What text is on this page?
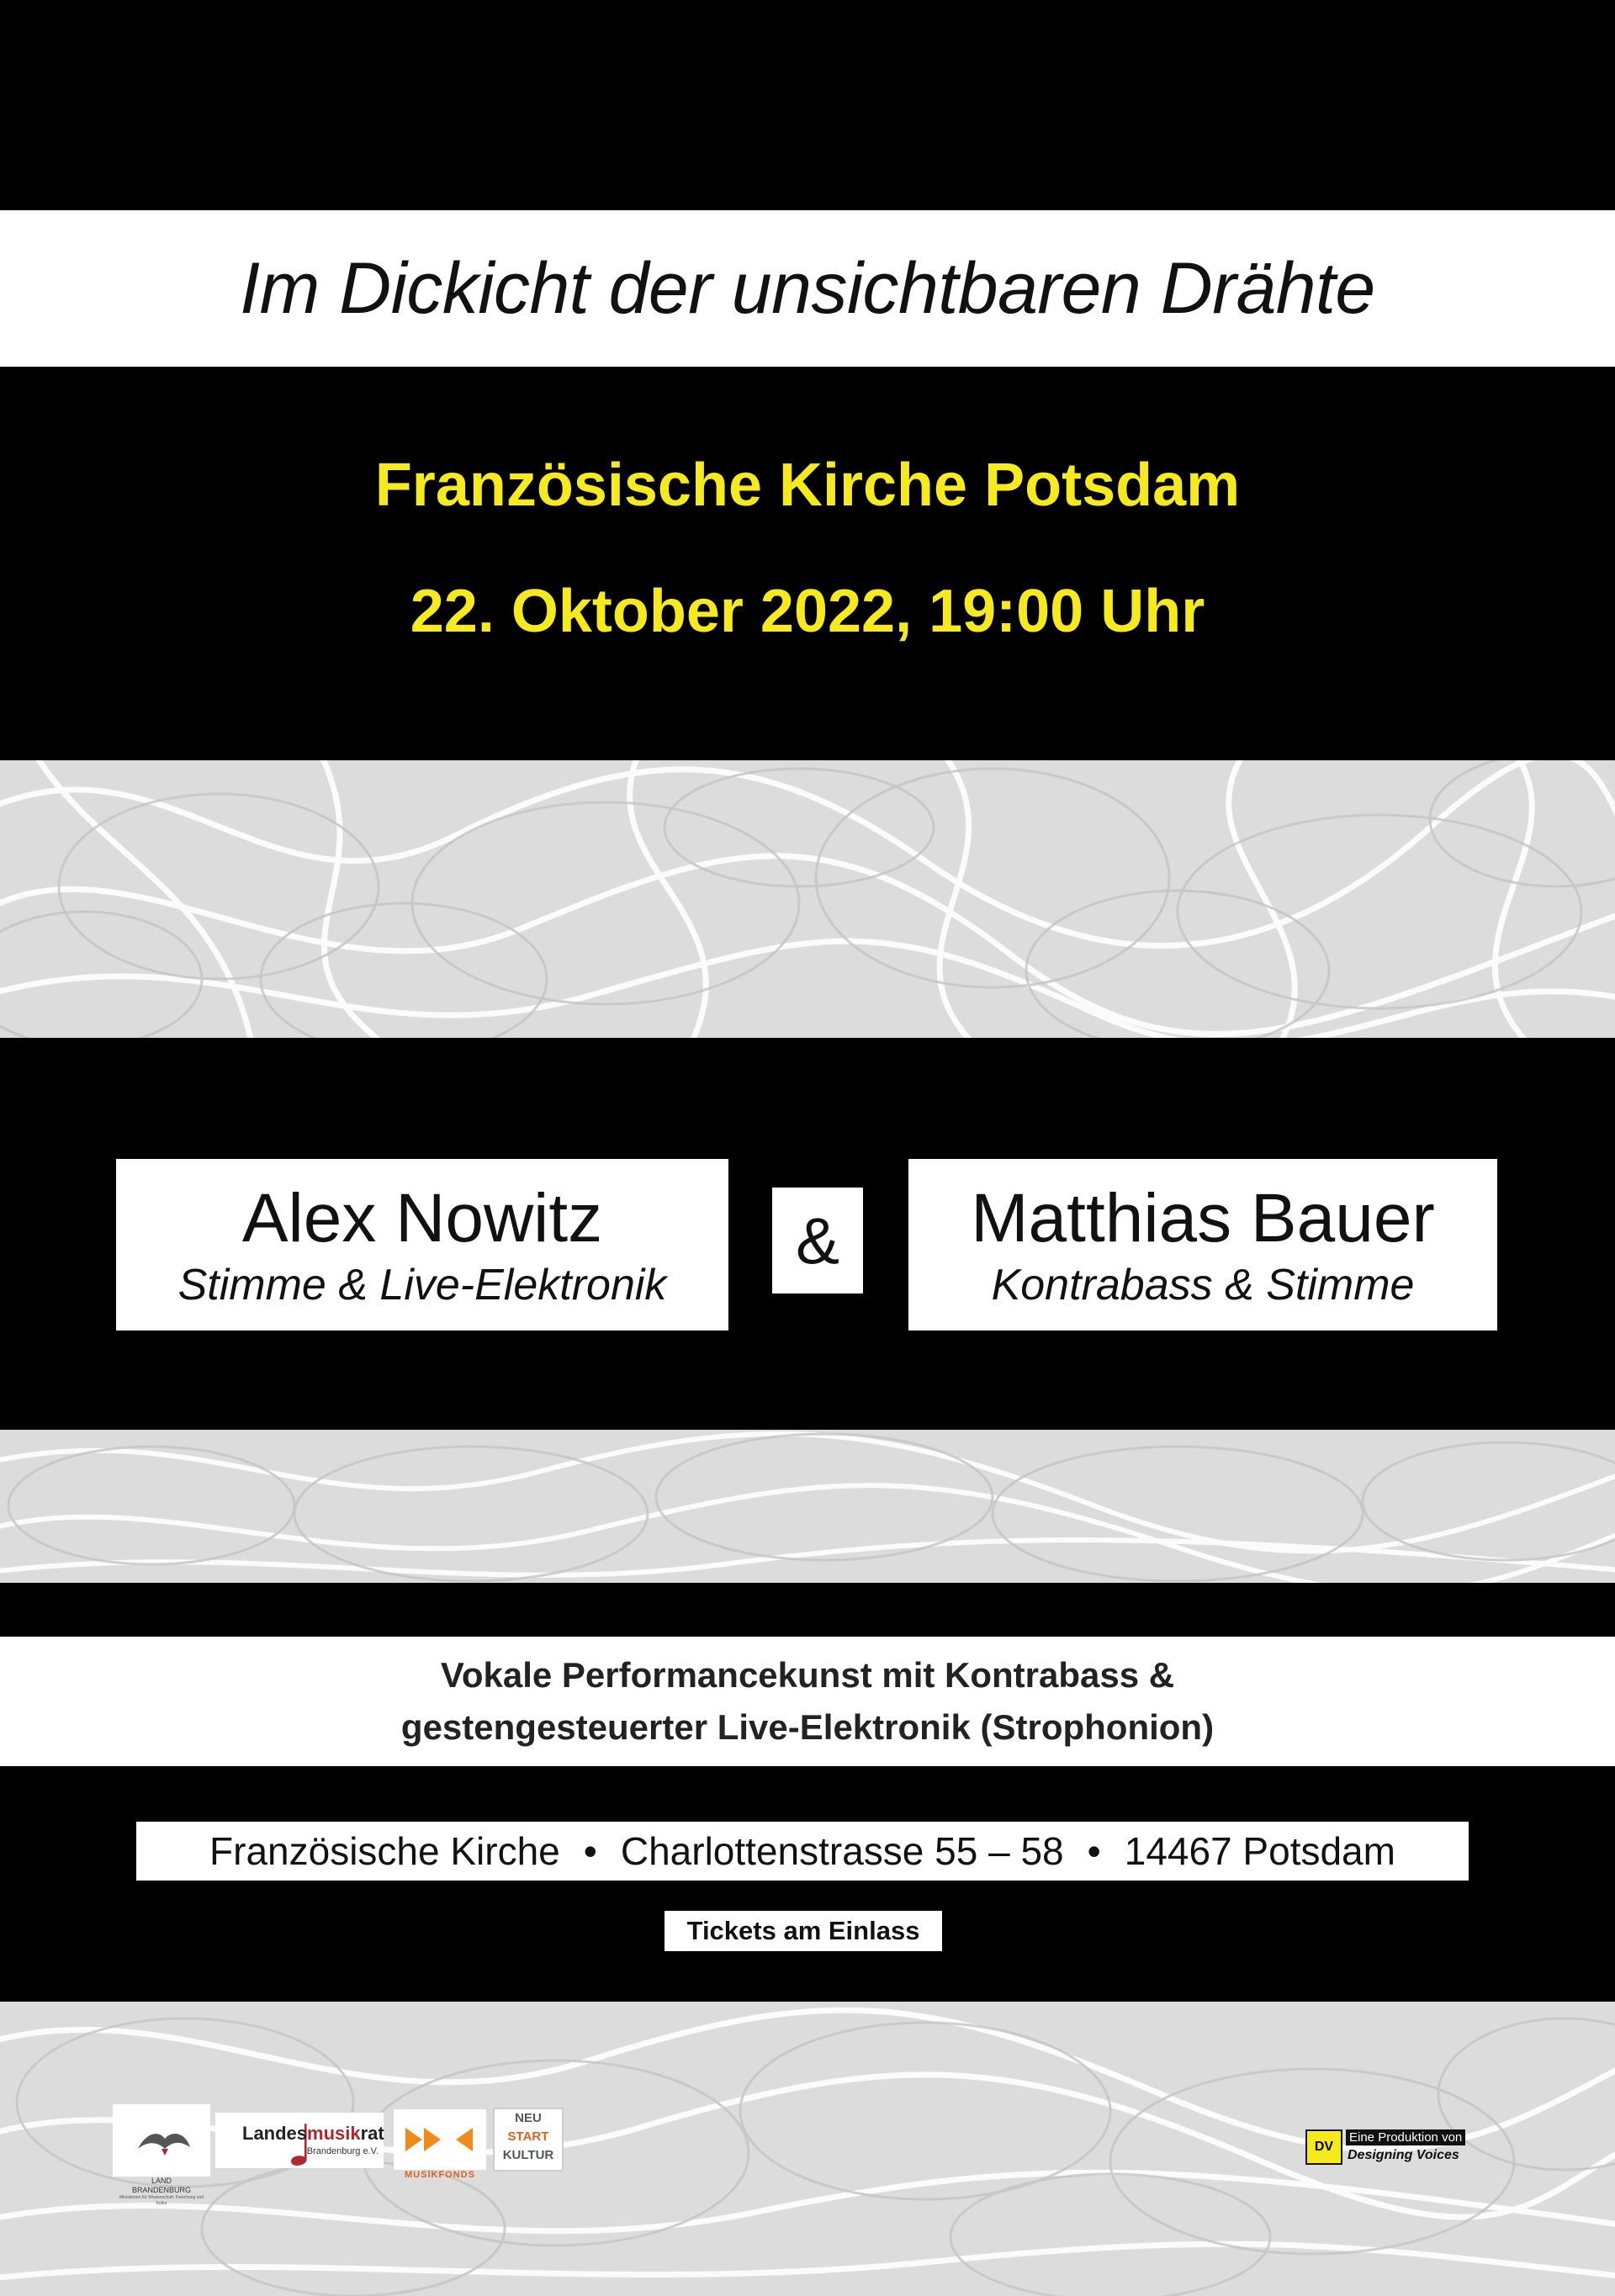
Im Dickicht der unsichtbaren Drähte
Französische Kirche Potsdam
22. Oktober 2022, 19:00 Uhr
Alex Nowitz
Stimme & Live-Elektronik
&	Matthias Bauer
Kontrabass & Stimme
Vokale Performancekunst mit Kontrabass &
gestengesteuerter Live-Elektronik (Strophonion)
Französische Kirche • Charlottenstrasse 55 – 58 • 14467 Potsdam
Tickets am Einlass
LAND
BRANDENBURG
Ministerium für Wissenschaft, Forschung und Kultur
Landesmusikrat
Brandenburg e.V.
MUSIKFONDS
NEU
START
KULTUR
DV
Eine Produktion von
Designing Voices
